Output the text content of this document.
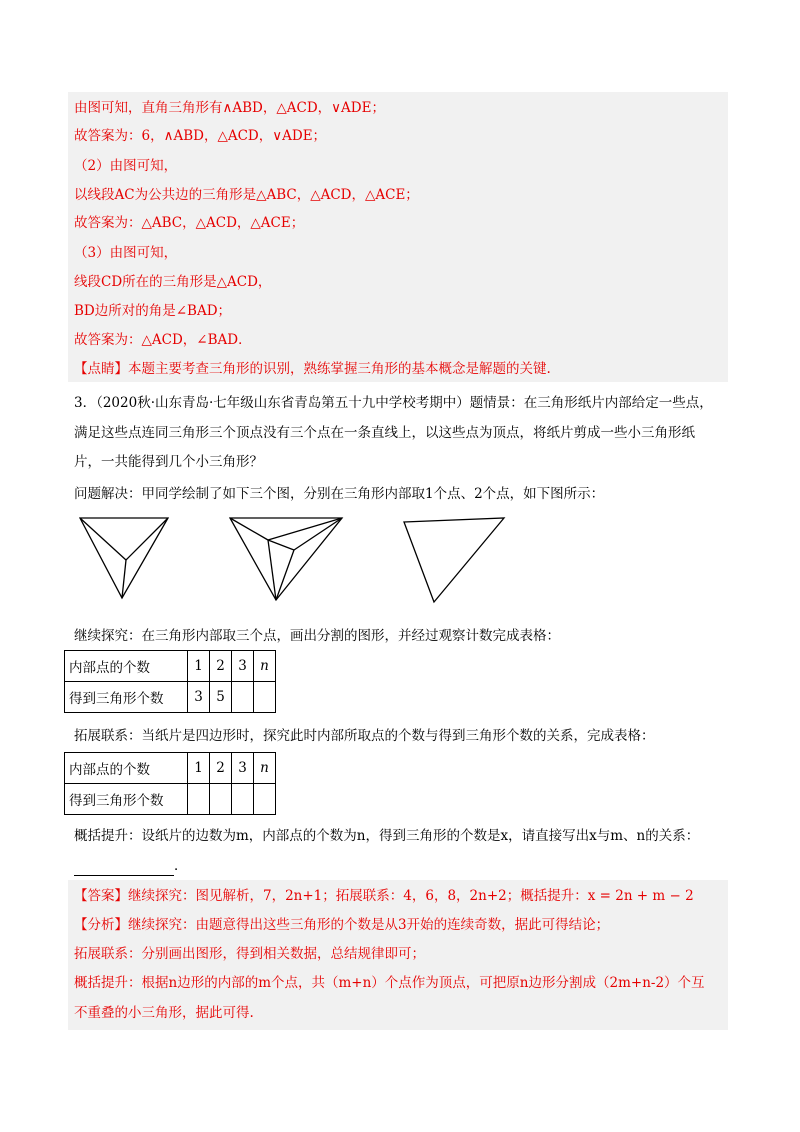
由图可知，直角三角形有∧ABD，△ACD，∨ADE；
故答案为：6，∧ABD，△ACD，∨ADE；
（2）由图可知，
以线段AC为公共边的三角形是△ABC，△ACD，△ACE；
故答案为：△ABC，△ACD，△ACE；
（3）由图可知，
线段CD所在的三角形是△ACD，
BD边所对的角是∠BAD；
故答案为：△ACD，∠BAD．
【点睛】本题主要考查三角形的识别，熟练掌握三角形的基本概念是解题的关键.
3．（2020秋·山东青岛·七年级山东省青岛第五十九中学校考期中）题情景：在三角形纸片内部给定一些点，
满足这些点连同三角形三个顶点没有三个点在一条直线上，以这些点为顶点，将纸片剪成一些小三角形纸
片，一共能得到几个小三角形？
问题解决：甲同学绘制了如下三个图，分别在三角形内部取1个点、2个点，如下图所示：
继续探究：在三角形内部取三个点，画出分割的图形，并经过观察计数完成表格：
内部点的个数	1	2	3	n
得到三角形个数	3	5		
拓展联系：当纸片是四边形时，探究此时内部所取点的个数与得到三角形个数的关系，完成表格：
内部点的个数	1	2	3	n
得到三角形个数				
概括提升：设纸片的边数为m，内部点的个数为n，得到三角形的个数是x，请直接写出x与m、n的关系：
．
【答案】继续探究：图见解析，7，2n+1；拓展联系：4，6，8，2n+2；概括提升：x = 2n + m − 2
【分析】继续探究：由题意得出这些三角形的个数是从3开始的连续奇数，据此可得结论；
拓展联系：分别画出图形，得到相关数据，总结规律即可；
概括提升：根据n边形的内部的m个点，共（m+n）个点作为顶点，可把原n边形分割成（2m+n-2）个互
不重叠的小三角形，据此可得.
